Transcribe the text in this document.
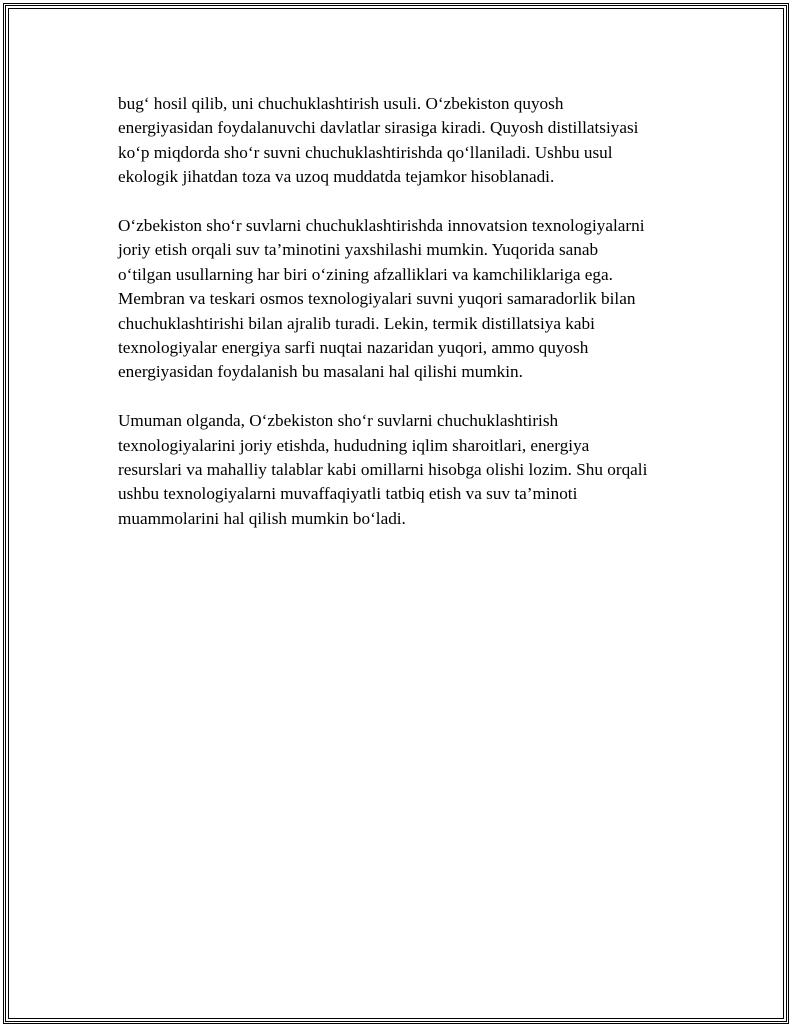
bug‘ hosil qilib, uni chuchuklashtirish usuli. O‘zbekiston quyosh
energiyasidan foydalanuvchi davlatlar sirasiga kiradi. Quyosh distillatsiyasi
ko‘p miqdorda sho‘r suvni chuchuklashtirishda qo‘llaniladi. Ushbu usul
ekologik jihatdan toza va uzoq muddatda tejamkor hisoblanadi.

O‘zbekiston sho‘r suvlarni chuchuklashtirishda innovatsion texnologiyalarni
joriy etish orqali suv ta’minotini yaxshilashi mumkin. Yuqorida sanab
o‘tilgan usullarning har biri o‘zining afzalliklari va kamchiliklariga ega.
Membran va teskari osmos texnologiyalari suvni yuqori samaradorlik bilan
chuchuklashtirishi bilan ajralib turadi. Lekin, termik distillatsiya kabi
texnologiyalar energiya sarfi nuqtai nazaridan yuqori, ammo quyosh
energiyasidan foydalanish bu masalani hal qilishi mumkin.

Umuman olganda, O‘zbekiston sho‘r suvlarni chuchuklashtirish
texnologiyalarini joriy etishda, hududning iqlim sharoitlari, energiya
resurslari va mahalliy talablar kabi omillarni hisobga olishi lozim. Shu orqali
ushbu texnologiyalarni muvaffaqiyatli tatbiq etish va suv ta’minoti
muammolarini hal qilish mumkin bo‘ladi.
